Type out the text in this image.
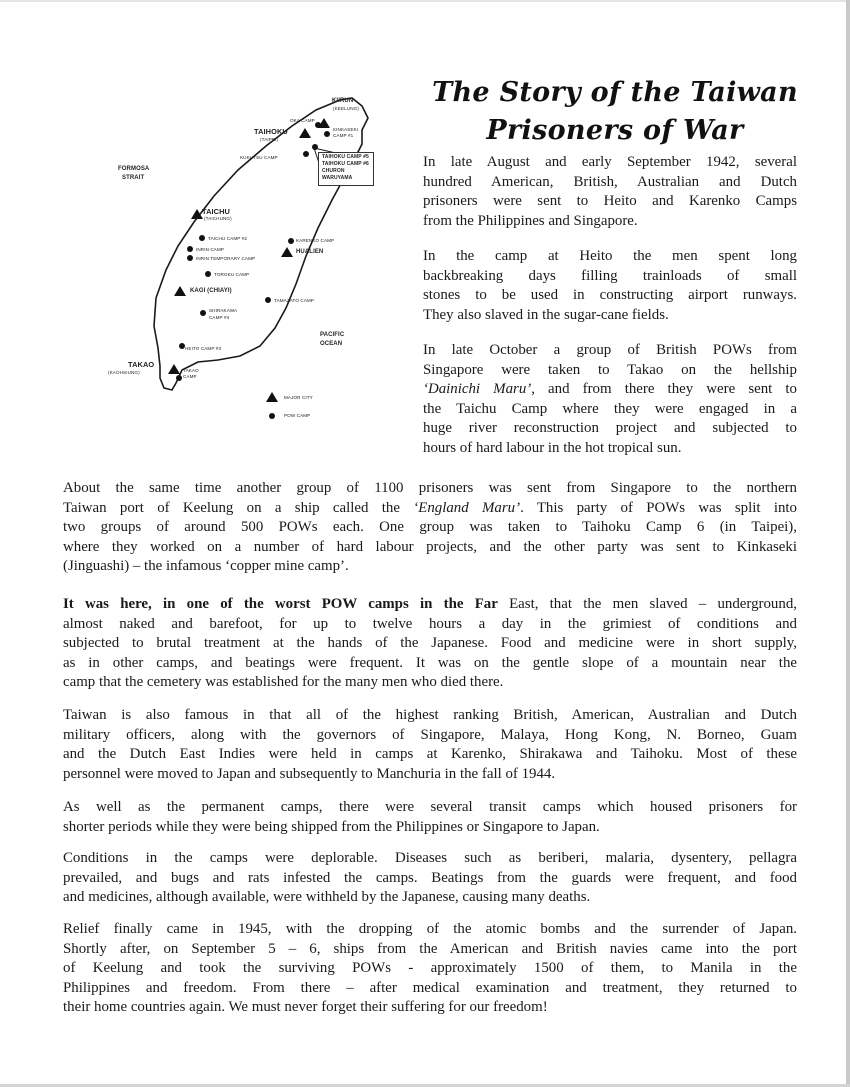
KIIRUN
(KEELUNG)
OKA CAMP
TAIHOKU
(TAIPEI)
KINKASEKI
CAMP #1
KUKUTSU CAMP	TAIHOKU CAMP #5
TAIHOKU CAMP #6
CHURON
WARUYAMA
FORMOSA
STRAIT
TAICHU
(TAICHUNG)
TAICHU CAMP #2
INRIN CAMP
INRIN TEMPORARY CAMP
KARENKO CAMP
HUALIEN
TOROKU CAMP
KAGI (CHIAYI)
TAMAZATO CAMP
SHIRAKAWA
CAMP #4
PACIFIC
OCEAN
HEITO CAMP #3
TAKAO
(KAOHSIUNG)	TAKAO
CAMP
MAJOR CITY
POW CAMP
The Story of the Taiwan
Prisoners of War
In late August and early September 1942, several
hundred American, British, Australian and Dutch
prisoners were sent to Heito and Karenko Camps
from the Philippines and Singapore.
In the camp at Heito the men spent long
backbreaking days filling trainloads of small
stones to be used in constructing airport runways.
They also slaved in the sugar-cane fields.
In late October a group of British POWs from
Singapore were taken to Takao on the hellship
‘Dainichi Maru’, and from there they were sent to
the Taichu Camp where they were engaged in a
huge river reconstruction project and subjected to
hours of hard labour in the hot tropical sun.
About the same time another group of 1100 prisoners was sent from Singapore to the northern
Taiwan port of Keelung on a ship called the ‘England Maru’. This party of POWs was split into
two groups of around 500 POWs each. One group was taken to Taihoku Camp 6 (in Taipei),
where they worked on a number of hard labour projects, and the other party was sent to Kinkaseki
(Jinguashi) – the infamous ‘copper mine camp’.
It was here, in one of the worst POW camps in the Far East, that the men slaved – underground,
almost naked and barefoot, for up to twelve hours a day in the grimiest of conditions and
subjected to brutal treatment at the hands of the Japanese. Food and medicine were in short supply,
as in other camps, and beatings were frequent. It was on the gentle slope of a mountain near the
camp that the cemetery was established for the many men who died there.
Taiwan is also famous in that all of the highest ranking British, American, Australian and Dutch
military officers, along with the governors of Singapore, Malaya, Hong Kong, N. Borneo, Guam
and the Dutch East Indies were held in camps at Karenko, Shirakawa and Taihoku. Most of these
personnel were moved to Japan and subsequently to Manchuria in the fall of 1944.
As well as the permanent camps, there were several transit camps which housed prisoners for
shorter periods while they were being shipped from the Philippines or Singapore to Japan.
Conditions in the camps were deplorable. Diseases such as beriberi, malaria, dysentery, pellagra
prevailed, and bugs and rats infested the camps. Beatings from the guards were frequent, and food
and medicines, although available, were withheld by the Japanese, causing many deaths.
Relief finally came in 1945, with the dropping of the atomic bombs and the surrender of Japan.
Shortly after, on September 5 – 6, ships from the American and British navies came into the port
of Keelung and took the surviving POWs - approximately 1500 of them, to Manila in the
Philippines and freedom. From there – after medical examination and treatment, they returned to
their home countries again. We must never forget their suffering for our freedom!
